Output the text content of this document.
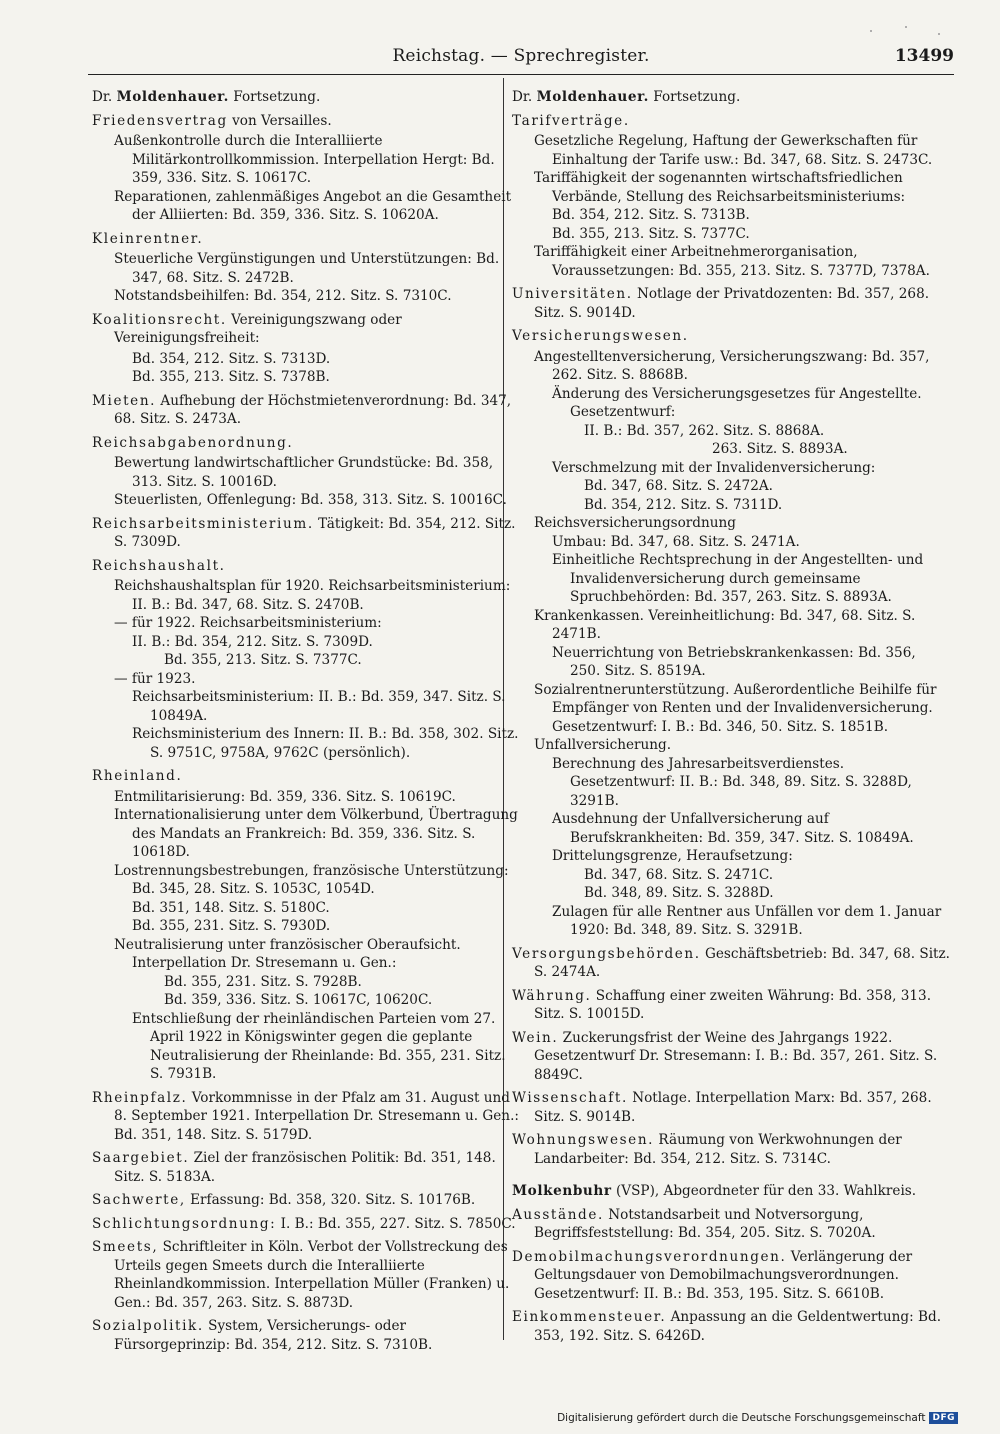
Reichstag. — Sprechregister.	13499
Dr. Moldenhauer. Fortsetzung.
Friedensvertrag von Versailles.
Außenkontrolle durch die Interalliierte Militärkontrollkommission. Interpellation Hergt: Bd. 359, 336. Sitz. S. 10617C.
Reparationen, zahlenmäßiges Angebot an die Gesamtheit der Alliierten: Bd. 359, 336. Sitz. S. 10620A.
Kleinrentner.
Steuerliche Vergünstigungen und Unterstützungen: Bd. 347, 68. Sitz. S. 2472B.
Notstandsbeihilfen: Bd. 354, 212. Sitz. S. 7310C.
Koalitionsrecht. Vereinigungszwang oder Vereinigungsfreiheit:
Bd. 354, 212. Sitz. S. 7313D.
Bd. 355, 213. Sitz. S. 7378B.
Mieten. Aufhebung der Höchstmietenverordnung: Bd. 347, 68. Sitz. S. 2473A.
Reichsabgabenordnung.
Bewertung landwirtschaftlicher Grundstücke: Bd. 358, 313. Sitz. S. 10016D.
Steuerlisten, Offenlegung: Bd. 358, 313. Sitz. S. 10016C.
Reichsarbeitsministerium. Tätigkeit: Bd. 354, 212. Sitz. S. 7309D.
Reichshaushalt.
Reichshaushaltsplan für 1920. Reichsarbeitsministerium: II. B.: Bd. 347, 68. Sitz. S. 2470B.
— für 1922. Reichsarbeitsministerium:
II. B.: Bd. 354, 212. Sitz. S. 7309D.
Bd. 355, 213. Sitz. S. 7377C.
— für 1923.
Reichsarbeitsministerium: II. B.: Bd. 359, 347. Sitz. S. 10849A.
Reichsministerium des Innern: II. B.: Bd. 358, 302. Sitz. S. 9751C, 9758A, 9762C (persönlich).
Rheinland.
Entmilitarisierung: Bd. 359, 336. Sitz. S. 10619C.
Internationalisierung unter dem Völkerbund, Übertragung des Mandats an Frankreich: Bd. 359, 336. Sitz. S. 10618D.
Lostrennungsbestrebungen, französische Unterstützung:
Bd. 345, 28. Sitz. S. 1053C, 1054D.
Bd. 351, 148. Sitz. S. 5180C.
Bd. 355, 231. Sitz. S. 7930D.
Neutralisierung unter französischer Oberaufsicht. Interpellation Dr. Stresemann u. Gen.:
Bd. 355, 231. Sitz. S. 7928B.
Bd. 359, 336. Sitz. S. 10617C, 10620C.
Entschließung der rheinländischen Parteien vom 27. April 1922 in Königswinter gegen die geplante Neutralisierung der Rheinlande: Bd. 355, 231. Sitz. S. 7931B.
Rheinpfalz. Vorkommnisse in der Pfalz am 31. August und 8. September 1921. Interpellation Dr. Stresemann u. Gen.: Bd. 351, 148. Sitz. S. 5179D.
Saargebiet. Ziel der französischen Politik: Bd. 351, 148. Sitz. S. 5183A.
Sachwerte, Erfassung: Bd. 358, 320. Sitz. S. 10176B.
Schlichtungsordnung: I. B.: Bd. 355, 227. Sitz. S. 7850C.
Smeets, Schriftleiter in Köln. Verbot der Vollstreckung des Urteils gegen Smeets durch die Interalliierte Rheinlandkommission. Interpellation Müller (Franken) u. Gen.: Bd. 357, 263. Sitz. S. 8873D.
Sozialpolitik. System, Versicherungs- oder Fürsorgeprinzip: Bd. 354, 212. Sitz. S. 7310B.
Dr. Moldenhauer. Fortsetzung.
Tarifverträge.
Gesetzliche Regelung, Haftung der Gewerkschaften für Einhaltung der Tarife usw.: Bd. 347, 68. Sitz. S. 2473C.
Tariffähigkeit der sogenannten wirtschaftsfriedlichen Verbände, Stellung des Reichsarbeitsministeriums:
Bd. 354, 212. Sitz. S. 7313B.
Bd. 355, 213. Sitz. S. 7377C.
Tariffähigkeit einer Arbeitnehmerorganisation, Voraussetzungen: Bd. 355, 213. Sitz. S. 7377D, 7378A.
Universitäten. Notlage der Privatdozenten: Bd. 357, 268. Sitz. S. 9014D.
Versicherungswesen.
Angestelltenversicherung, Versicherungszwang: Bd. 357, 262. Sitz. S. 8868B.
Änderung des Versicherungsgesetzes für Angestellte. Gesetzentwurf:
II. B.: Bd. 357, 262. Sitz. S. 8868A.
263. Sitz. S. 8893A.
Verschmelzung mit der Invalidenversicherung:
Bd. 347, 68. Sitz. S. 2472A.
Bd. 354, 212. Sitz. S. 7311D.
Reichsversicherungsordnung
Umbau: Bd. 347, 68. Sitz. S. 2471A.
Einheitliche Rechtsprechung in der Angestellten- und Invalidenversicherung durch gemeinsame Spruchbehörden: Bd. 357, 263. Sitz. S. 8893A.
Krankenkassen. Vereinheitlichung: Bd. 347, 68. Sitz. S. 2471B.
Neuerrichtung von Betriebskrankenkassen: Bd. 356, 250. Sitz. S. 8519A.
Sozialrentnerunterstützung. Außerordentliche Beihilfe für Empfänger von Renten und der Invalidenversicherung. Gesetzentwurf: I. B.: Bd. 346, 50. Sitz. S. 1851B.
Unfallversicherung.
Berechnung des Jahresarbeitsverdienstes. Gesetzentwurf: II. B.: Bd. 348, 89. Sitz. S. 3288D, 3291B.
Ausdehnung der Unfallversicherung auf Berufskrankheiten: Bd. 359, 347. Sitz. S. 10849A.
Drittelungsgrenze, Heraufsetzung:
Bd. 347, 68. Sitz. S. 2471C.
Bd. 348, 89. Sitz. S. 3288D.
Zulagen für alle Rentner aus Unfällen vor dem 1. Januar 1920: Bd. 348, 89. Sitz. S. 3291B.
Versorgungsbehörden. Geschäftsbetrieb: Bd. 347, 68. Sitz. S. 2474A.
Währung. Schaffung einer zweiten Währung: Bd. 358, 313. Sitz. S. 10015D.
Wein. Zuckerungsfrist der Weine des Jahrgangs 1922. Gesetzentwurf Dr. Stresemann: I. B.: Bd. 357, 261. Sitz. S. 8849C.
Wissenschaft. Notlage. Interpellation Marx: Bd. 357, 268. Sitz. S. 9014B.
Wohnungswesen. Räumung von Werkwohnungen der Landarbeiter: Bd. 354, 212. Sitz. S. 7314C.
Molkenbuhr (VSP), Abgeordneter für den 33. Wahlkreis.
Ausstände. Notstandsarbeit und Notversorgung, Begriffsfeststellung: Bd. 354, 205. Sitz. S. 7020A.
Demobilmachungsverordnungen. Verlängerung der Geltungsdauer von Demobilmachungsverordnungen. Gesetzentwurf: II. B.: Bd. 353, 195. Sitz. S. 6610B.
Einkommensteuer. Anpassung an die Geldentwertung: Bd. 353, 192. Sitz. S. 6426D.
Digitalisierung gefördert durch die Deutsche Forschungsgemeinschaft DFG
